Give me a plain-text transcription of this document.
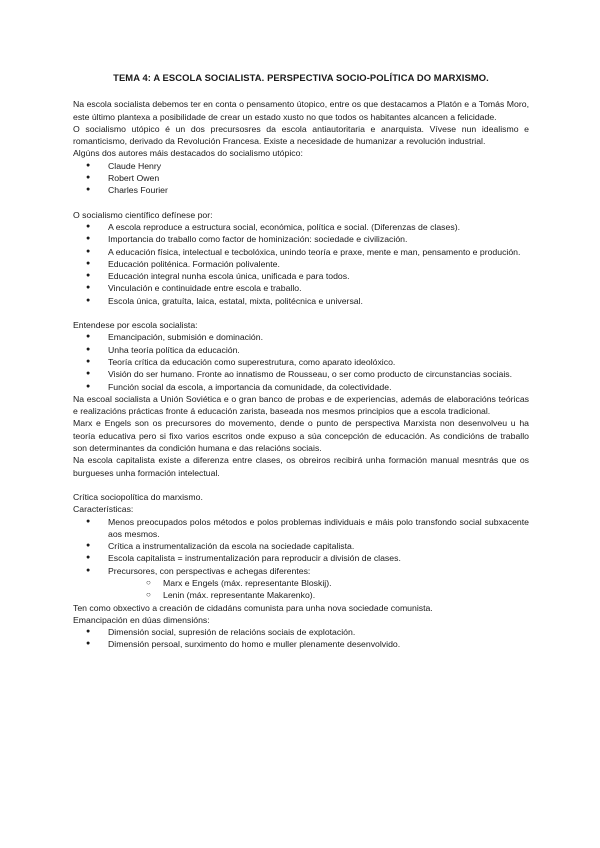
TEMA 4: A ESCOLA SOCIALISTA. PERSPECTIVA SOCIO-POLÍTICA DO MARXISMO.

Na escola socialista debemos ter en conta o pensamento útopico, entre os que destacamos a Platón e a Tomás Moro, este último plantexa a posibilidade de crear un estado xusto no que todos os habitantes alcancen a felicidade.

O socialismo utópico é un dos precursosres da escola antiautoritaria e anarquista. Vívese nun idealismo e romanticismo, derivado da Revolución Francesa. Existe a necesidade de humanizar a revolución industrial.

Algúns dos autores máis destacados do socialismo utópico:

● Claude Henry
● Robert Owen
● Charles Fourier

O socialismo científico defínese por:

● A escola reproduce a estructura social, económica, política e social. (Diferenzas de clases).
● Importancia do traballo como factor de hominización: sociedade e civilización.
● A educación física, intelectual e tecbolóxica, unindo teoría e praxe, mente e man, pensamento e produción.
● Educación politénica. Formación polivalente.
● Educación integral nunha escola única, unificada e para todos.
● Vinculación e continuidade entre escola e traballo.
● Escola única, gratuíta, laica, estatal, mixta, politécnica e universal.

Entendese por escola socialista:

● Emancipación, submisión e dominación.
● Unha teoría política da educación.
● Teoría crítica da educación como superestrutura, como aparato ideolóxico.
● Visión do ser humano. Fronte ao innatismo de Rousseau, o ser como producto de circunstancias sociais.
● Función social da escola, a importancia da comunidade, da colectividade.

Na escoal socialista a Unión Soviética e o gran banco de probas e de experiencias, además de elaboracións teóricas e realizacións prácticas fronte á educación zarista, baseada nos mesmos principios que a escola tradicional.

Marx e Engels son os precursores do movemento, dende o punto de perspectiva Marxista non desenvolveu u ha teoría educativa pero si fixo varios escritos onde expuso a súa concepción de educación. As condicións de traballo son determinantes da condición humana e das relacións sociais.

Na escola capitalista existe a diferenza entre clases, os obreiros recibirá unha formación manual mesntrás que os burgueses unha formación intelectual.

Crítica sociopolítica do marxismo.

Características:

● Menos preocupados polos métodos e polos problemas individuais e máis polo transfondo social subxacente aos mesmos.
● Crítica a instrumentalización da escola na sociedade capitalista.
● Escola capitalista = instrumentalización para reproducir a división de clases.
● Precursores, con perspectivas e achegas diferentes:
○ Marx e Engels (máx. representante Bloskij).
○ Lenin (máx. representante Makarenko).

Ten como obxectivo a creación de cidadáns comunista para unha nova sociedade comunista.

Emancipación en dúas dimensións:

● Dimensión social, supresión de relacións sociais de explotación.
● Dimensión persoal, surximento do homo e muller plenamente desenvolvido.
